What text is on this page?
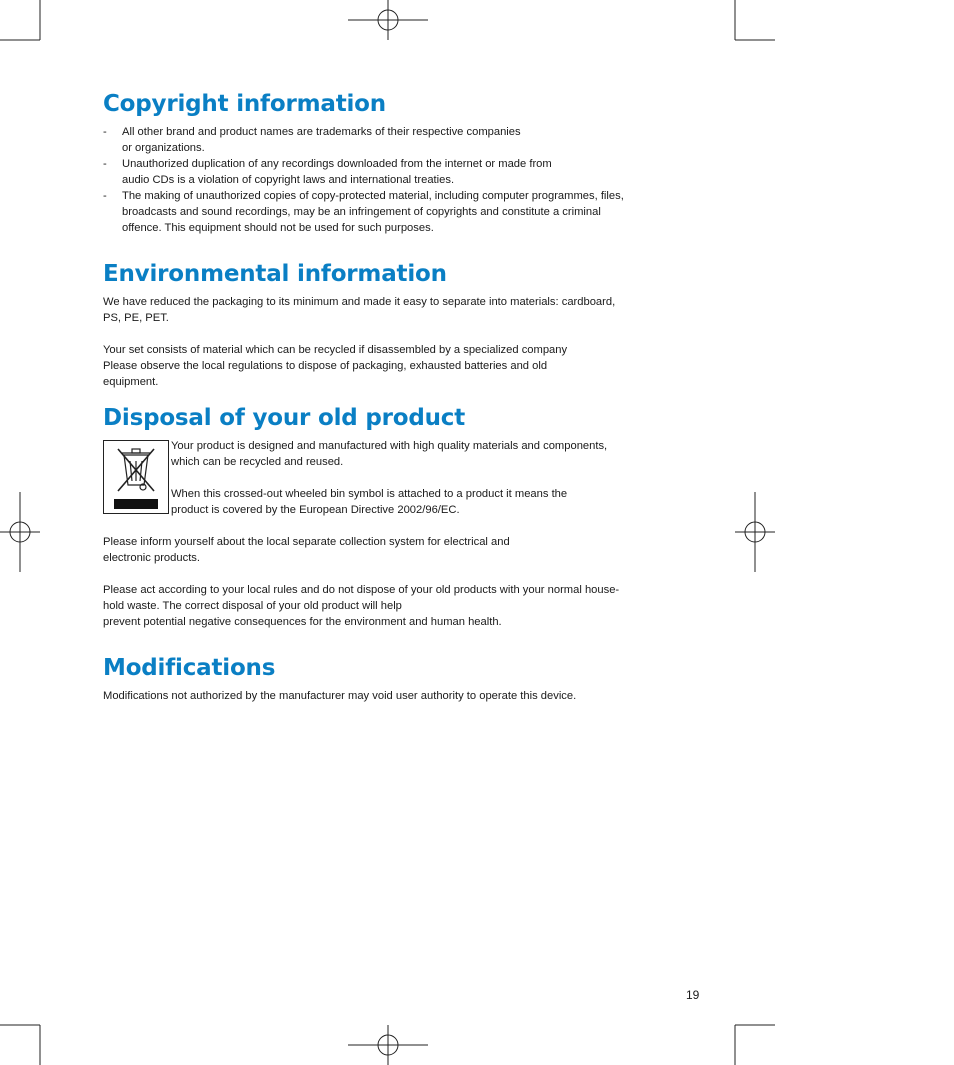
Copyright information
- All other brand and product names are trademarks of their respective companies
or organizations.
- Unauthorized duplication of any recordings downloaded from the internet or made from
audio CDs is a violation of copyright laws and international treaties.
- The making of unauthorized copies of copy-protected material, including computer programmes, files,
broadcasts and sound recordings, may be an infringement of copyrights and constitute a criminal
offence. This equipment should not be used for such purposes.
Environmental information

We have reduced the packaging to its minimum and made it easy to separate into materials: cardboard,
PS, PE, PET.

Your set consists of material which can be recycled if disassembled by a specialized company
Please observe the local regulations to dispose of packaging, exhausted batteries and old
equipment.

Disposal of your old product

Your product is designed and manufactured with high quality materials and components,
which can be recycled and reused.

When this crossed-out wheeled bin symbol is attached to a product it means the
product is covered by the European Directive 2002/96/EC.

Please inform yourself about the local separate collection system for electrical and
electronic products.

Please act according to your local rules and do not dispose of your old products with your normal house-
hold waste. The correct disposal of your old product will help
prevent potential negative consequences for the environment and human health.

Modifications

Modifications not authorized by the manufacturer may void user authority to operate this device.

19
